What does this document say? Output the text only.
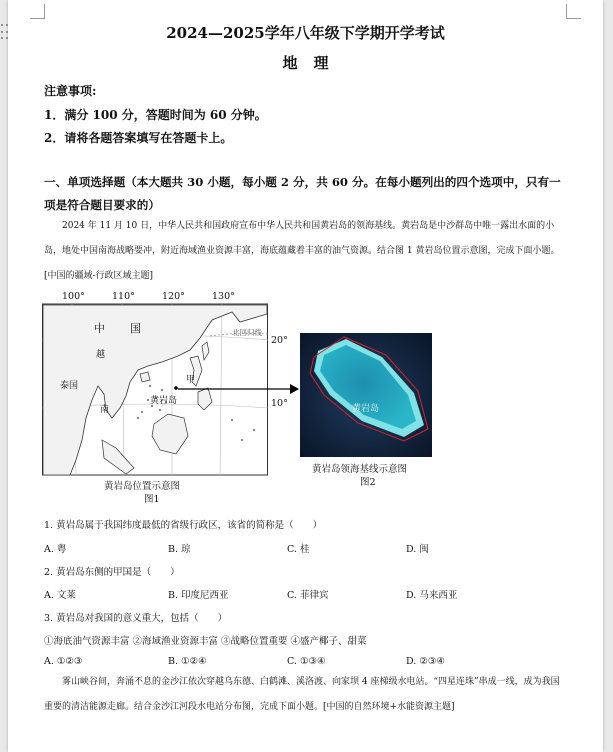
2024—2025学年八年级下学期开学考试
地理
注意事项:
1．满分 100 分，答题时间为 60 分钟。
2．请将各题答案填写在答题卡上。
一、单项选择题（本大题共 30 小题，每小题 2 分，共 60 分。在每小题列出的四个选项中，只有一
项是符合题目要求的）
2024 年 11 月 10 日，中华人民共和国政府宣布中华人民共和国黄岩岛的领海基线。黄岩岛是中沙群岛中唯一露出水面的小岛，地处中国南海战略要冲，附近海域渔业资源丰富，海底蕴藏着丰富的油气资源。结合图 1 黄岩岛位置示意图，完成下面小题。[中国的疆域-行政区域主题]
100°	110°	120°	130°
中 国
越
泰国
南
黄岩岛
甲
北回归线
20°
10°	黄岩岛
黄岩岛位置示意图
图1
黄岩岛领海基线示意图
图2
1. 黄岩岛属于我国纬度最低的省级行政区，该省的简称是（　　）
A. 粤	B. 琼	C. 桂	D. 闽
2. 黄岩岛东侧的甲国是（　　）
A. 文莱	B. 印度尼西亚	C. 菲律宾	D. 马来西亚
3. 黄岩岛对我国的意义重大，包括（　　）
①海底油气资源丰富 ②海域渔业资源丰富 ③战略位置重要 ④盛产椰子、甜菜
A. ①②③	B. ①②④	C. ①③④	D. ②③④
雾山峡谷间，奔涌不息的金沙江依次穿越乌东德、白鹤滩、溪洛渡、向家坝 4 座梯级水电站。“四星连珠”串成一线，成为我国重要的清洁能源走廊。结合金沙江河段水电站分布图，完成下面小题。[中国的自然环境+水能资源主题]
